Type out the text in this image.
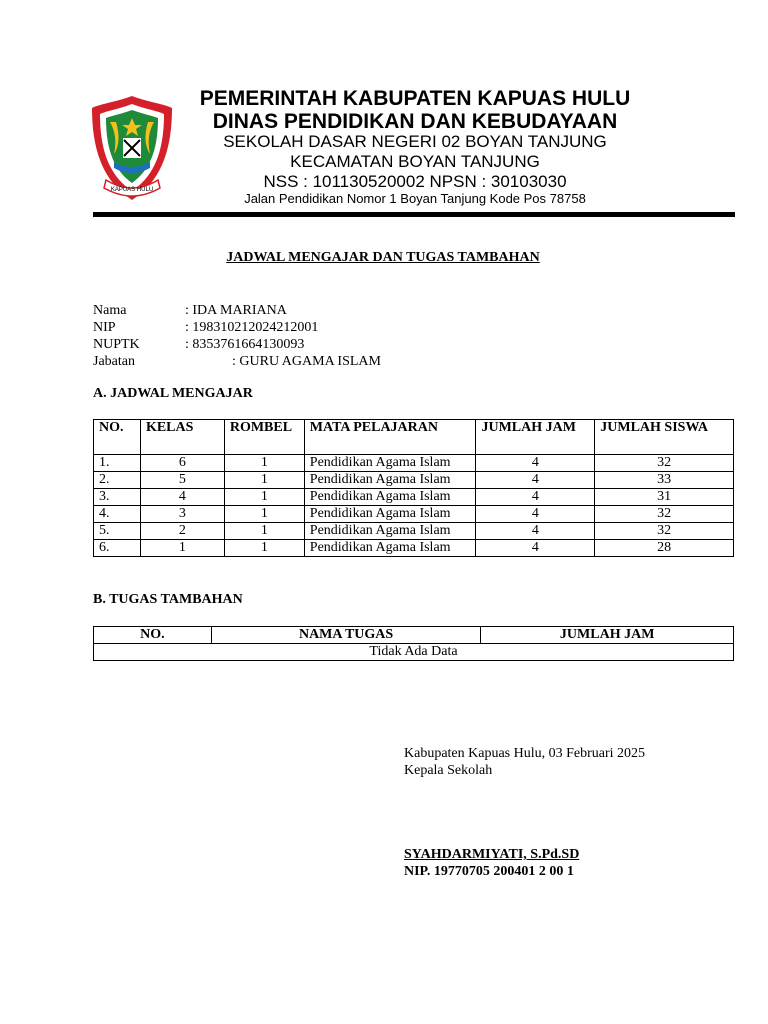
KAPUAS HULU
PEMERINTAH KABUPATEN KAPUAS HULU
DINAS PENDIDIKAN DAN KEBUDAYAAN
SEKOLAH DASAR NEGERI 02 BOYAN TANJUNG
KECAMATAN BOYAN TANJUNG
NSS : 101130520002 NPSN : 30103030
Jalan Pendidikan Nomor 1 Boyan Tanjung Kode Pos 78758
JADWAL MENGAJAR DAN TUGAS TAMBAHAN
Nama	: IDA MARIANA
NIP	: 198310212024212001
NUPTK	: 8353761664130093
Jabatan	: GURU AGAMA ISLAM
A. JADWAL MENGAJAR
NO.	KELAS	ROMBEL	MATA PELAJARAN	JUMLAH JAM	JUMLAH SISWA
1.	6	1	Pendidikan Agama Islam	4	32
2.	5	1	Pendidikan Agama Islam	4	33
3.	4	1	Pendidikan Agama Islam	4	31
4.	3	1	Pendidikan Agama Islam	4	32
5.	2	1	Pendidikan Agama Islam	4	32
6.	1	1	Pendidikan Agama Islam	4	28
B. TUGAS TAMBAHAN
NO.	NAMA TUGAS	JUMLAH JAM
Tidak Ada Data
Kabupaten Kapuas Hulu, 03 Februari 2025
Kepala Sekolah
SYAHDARMIYATI, S.Pd.SD
NIP. 19770705 200401 2 00 1
